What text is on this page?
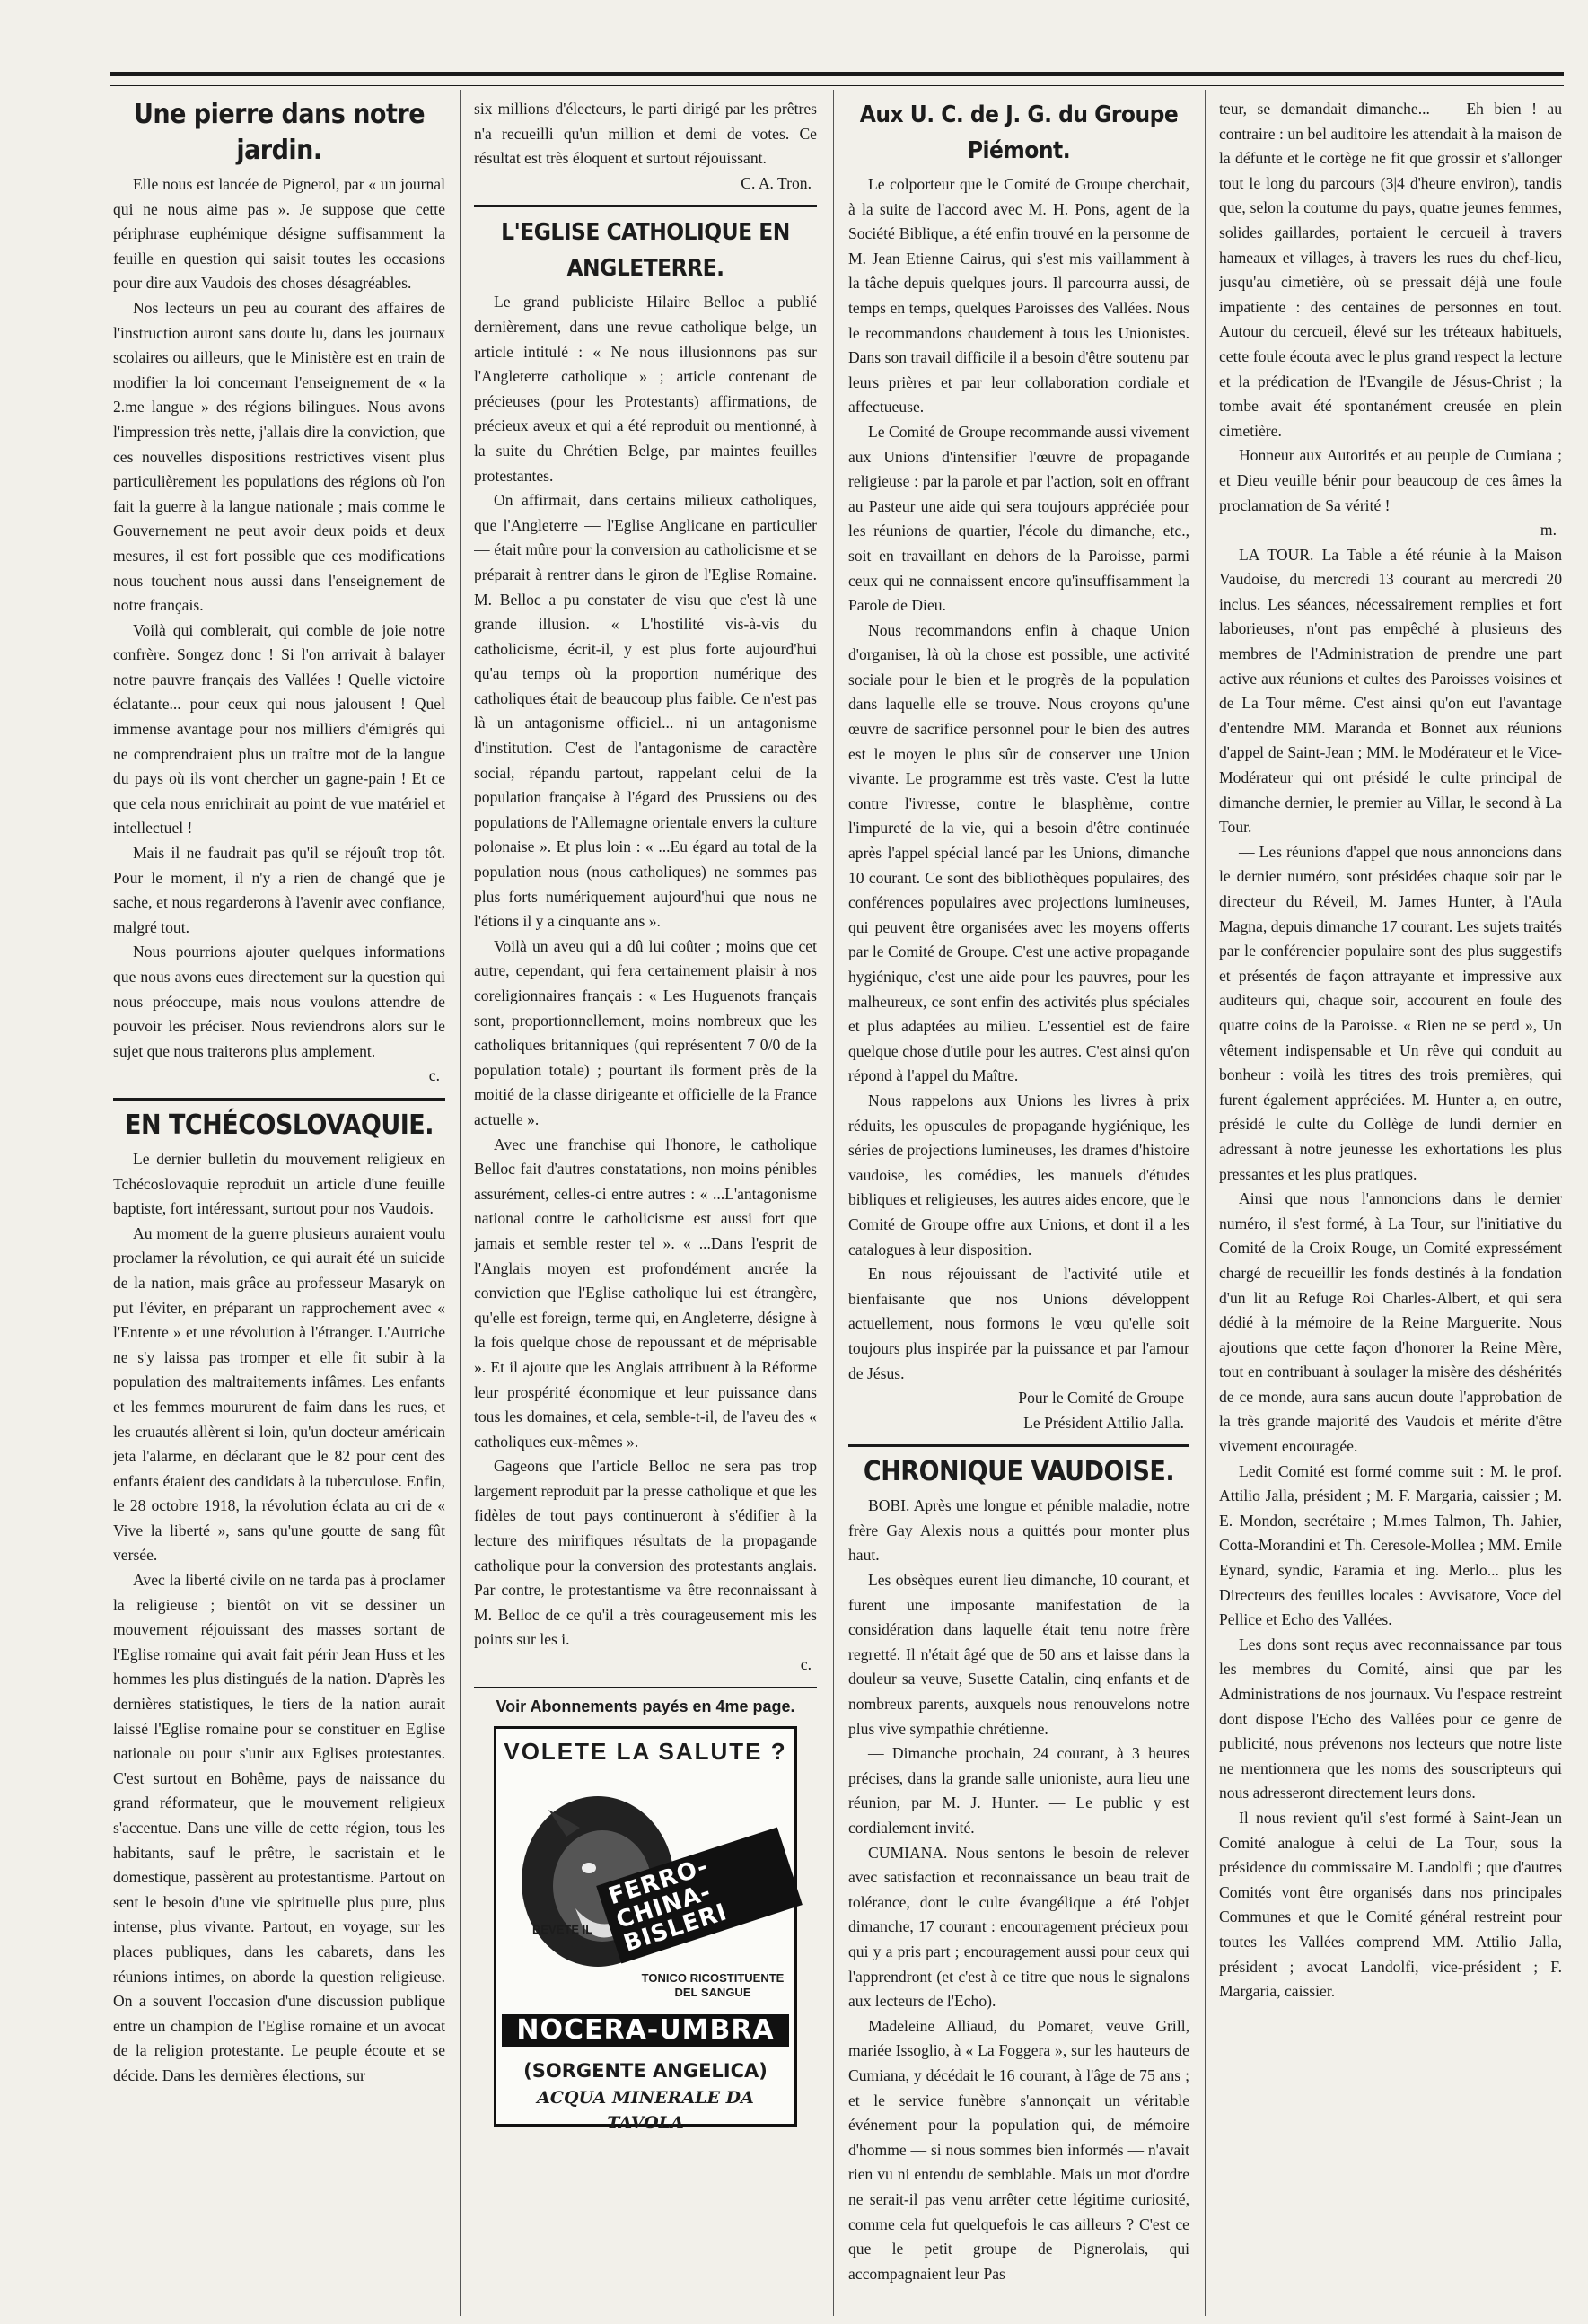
Une pierre dans notre jardin.

Elle nous est lancée de Pignerol, par « un journal qui ne nous aime pas ». Je suppose que cette périphrase euphémique désigne suffisamment la feuille en question qui saisit toutes les occasions pour dire aux Vaudois des choses désagréables.

Nos lecteurs un peu au courant des affaires de l'instruction auront sans doute lu, dans les journaux scolaires ou ailleurs, que le Ministère est en train de modifier la loi concernant l'enseignement de « la 2.me langue » des régions bilingues. Nous avons l'impression très nette, j'allais dire la conviction, que ces nouvelles dispositions restrictives visent plus particulièrement les populations des régions où l'on fait la guerre à la langue nationale ; mais comme le Gouvernement ne peut avoir deux poids et deux mesures, il est fort possible que ces modifications nous touchent nous aussi dans l'enseignement de notre français.

Voilà qui comblerait, qui comble de joie notre confrère. Songez donc ! Si l'on arrivait à balayer notre pauvre français des Vallées ! Quelle victoire éclatante... pour ceux qui nous jalousent ! Quel immense avantage pour nos milliers d'émigrés qui ne comprendraient plus un traître mot de la langue du pays où ils vont chercher un gagne-pain ! Et ce que cela nous enrichirait au point de vue matériel et intellectuel !

Mais il ne faudrait pas qu'il se réjouît trop tôt. Pour le moment, il n'y a rien de changé que je sache, et nous regarderons à l'avenir avec confiance, malgré tout.

Nous pourrions ajouter quelques informations que nous avons eues directement sur la question qui nous préoccupe, mais nous voulons attendre de pouvoir les préciser. Nous reviendrons alors sur le sujet que nous traiterons plus amplement.

c.
EN TCHÉCOSLOVAQUIE.

Le dernier bulletin du mouvement religieux en Tchécoslovaquie reproduit un article d'une feuille baptiste, fort intéressant, surtout pour nos Vaudois.

Au moment de la guerre plusieurs auraient voulu proclamer la révolution, ce qui aurait été un suicide de la nation, mais grâce au professeur Masaryk on put l'éviter, en préparant un rapprochement avec « l'Entente » et une révolution à l'étranger. L'Autriche ne s'y laissa pas tromper et elle fit subir à la population des maltraitements infâmes. Les enfants et les femmes moururent de faim dans les rues, et les cruautés allèrent si loin, qu'un docteur américain jeta l'alarme, en déclarant que le 82 pour cent des enfants étaient des candidats à la tuberculose. Enfin, le 28 octobre 1918, la révolution éclata au cri de « Vive la liberté », sans qu'une goutte de sang fût versée.

Avec la liberté civile on ne tarda pas à proclamer la religieuse ; bientôt on vit se dessiner un mouvement réjouissant des masses sortant de l'Eglise romaine qui avait fait périr Jean Huss et les hommes les plus distingués de la nation. D'après les dernières statistiques, le tiers de la nation aurait laissé l'Eglise romaine pour se constituer en Eglise nationale ou pour s'unir aux Eglises protestantes. C'est surtout en Bohême, pays de naissance du grand réformateur, que le mouvement religieux s'accentue. Dans une ville de cette région, tous les habitants, sauf le prêtre, le sacristain et le domestique, passèrent au protestantisme. Partout on sent le besoin d'une vie spirituelle plus pure, plus intense, plus vivante. Partout, en voyage, sur les places publiques, dans les cabarets, dans les réunions intimes, on aborde la question religieuse. On a souvent l'occasion d'une discussion publique entre un champion de l'Eglise romaine et un avocat de la religion protestante. Le peuple écoute et se décide. Dans les dernières élections, sur

six millions d'électeurs, le parti dirigé par les prêtres n'a recueilli qu'un million et demi de votes. Ce résultat est très éloquent et surtout réjouissant.

C. A. Tron.
L'EGLISE CATHOLIQUE EN ANGLETERRE.

Le grand publiciste Hilaire Belloc a publié dernièrement, dans une revue catholique belge, un article intitulé : « Ne nous illusionnons pas sur l'Angleterre catholique » ; article contenant de précieuses (pour les Protestants) affirmations, de précieux aveux et qui a été reproduit ou mentionné, à la suite du Chrétien Belge, par maintes feuilles protestantes.

On affirmait, dans certains milieux catholiques, que l'Angleterre — l'Eglise Anglicane en particulier — était mûre pour la conversion au catholicisme et se préparait à rentrer dans le giron de l'Eglise Romaine. M. Belloc a pu constater de visu que c'est là une grande illusion. « L'hostilité vis-à-vis du catholicisme, écrit-il, y est plus forte aujourd'hui qu'au temps où la proportion numérique des catholiques était de beaucoup plus faible. Ce n'est pas là un antagonisme officiel... ni un antagonisme d'institution. C'est de l'antagonisme de caractère social, répandu partout, rappelant celui de la population française à l'égard des Prussiens ou des populations de l'Allemagne orientale envers la culture polonaise ». Et plus loin : « ...Eu égard au total de la population nous (nous catholiques) ne sommes pas plus forts numériquement aujourd'hui que nous ne l'étions il y a cinquante ans ».

Voilà un aveu qui a dû lui coûter ; moins que cet autre, cependant, qui fera certainement plaisir à nos coreligionnaires français : « Les Huguenots français sont, proportionnellement, moins nombreux que les catholiques britanniques (qui représentent 7 0/0 de la population totale) ; pourtant ils forment près de la moitié de la classe dirigeante et officielle de la France actuelle ».

Avec une franchise qui l'honore, le catholique Belloc fait d'autres constatations, non moins pénibles assurément, celles-ci entre autres : « ...L'antagonisme national contre le catholicisme est aussi fort que jamais et semble rester tel ». « ...Dans l'esprit de l'Anglais moyen est profondément ancrée la conviction que l'Eglise catholique lui est étrangère, qu'elle est foreign, terme qui, en Angleterre, désigne à la fois quelque chose de repoussant et de méprisable ». Et il ajoute que les Anglais attribuent à la Réforme leur prospérité économique et leur puissance dans tous les domaines, et cela, semble-t-il, de l'aveu des « catholiques eux-mêmes ».

Gageons que l'article Belloc ne sera pas trop largement reproduit par la presse catholique et que les fidèles de tout pays continueront à s'édifier à la lecture des mirifiques résultats de la propagande catholique pour la conversion des protestants anglais. Par contre, le protestantisme va être reconnaissant à M. Belloc de ce qu'il a très courageusement mis les points sur les i.

c.
Voir Abonnements payés en 4me page.
VOLETE LA SALUTE ?
BEVETE IL
FERRO-CHINA-BISLERI
TONICO RICOSTITUENTE DEL SANGUE
NOCERA-UMBRA
(SORGENTE ANGELICA)
ACQUA MINERALE DA TAVOLA
Aux U. C. de J. G. du Groupe Piémont.

Le colporteur que le Comité de Groupe cherchait, à la suite de l'accord avec M. H. Pons, agent de la Société Biblique, a été enfin trouvé en la personne de M. Jean Etienne Cairus, qui s'est mis vaillamment à la tâche depuis quelques jours. Il parcourra aussi, de temps en temps, quelques Paroisses des Vallées. Nous le recommandons chaudement à tous les Unionistes. Dans son travail difficile il a besoin d'être soutenu par leurs prières et par leur collaboration cordiale et affectueuse.

Le Comité de Groupe recommande aussi vivement aux Unions d'intensifier l'œuvre de propagande religieuse : par la parole et par l'action, soit en offrant au Pasteur une aide qui sera toujours appréciée pour les réunions de quartier, l'école du dimanche, etc., soit en travaillant en dehors de la Paroisse, parmi ceux qui ne connaissent encore qu'insuffisamment la Parole de Dieu.

Nous recommandons enfin à chaque Union d'organiser, là où la chose est possible, une activité sociale pour le bien et le progrès de la population dans laquelle elle se trouve. Nous croyons qu'une œuvre de sacrifice personnel pour le bien des autres est le moyen le plus sûr de conserver une Union vivante. Le programme est très vaste. C'est la lutte contre l'ivresse, contre le blasphème, contre l'impureté de la vie, qui a besoin d'être continuée après l'appel spécial lancé par les Unions, dimanche 10 courant. Ce sont des bibliothèques populaires, des conférences populaires avec projections lumineuses, qui peuvent être organisées avec les moyens offerts par le Comité de Groupe. C'est une active propagande hygiénique, c'est une aide pour les pauvres, pour les malheureux, ce sont enfin des activités plus spéciales et plus adaptées au milieu. L'essentiel est de faire quelque chose d'utile pour les autres. C'est ainsi qu'on répond à l'appel du Maître.

Nous rappelons aux Unions les livres à prix réduits, les opuscules de propagande hygiénique, les séries de projections lumineuses, les drames d'histoire vaudoise, les comédies, les manuels d'études bibliques et religieuses, les autres aides encore, que le Comité de Groupe offre aux Unions, et dont il a les catalogues à leur disposition.

En nous réjouissant de l'activité utile et bienfaisante que nos Unions développent actuellement, nous formons le vœu qu'elle soit toujours plus inspirée par la puissance et par l'amour de Jésus.

Pour le Comité de Groupe
Le Président Attilio Jalla.
CHRONIQUE VAUDOISE.

BOBI. Après une longue et pénible maladie, notre frère Gay Alexis nous a quittés pour monter plus haut.

Les obsèques eurent lieu dimanche, 10 courant, et furent une imposante manifestation de la considération dans laquelle était tenu notre frère regretté. Il n'était âgé que de 50 ans et laisse dans la douleur sa veuve, Susette Catalin, cinq enfants et de nombreux parents, auxquels nous renouvelons notre plus vive sympathie chrétienne.

— Dimanche prochain, 24 courant, à 3 heures précises, dans la grande salle unioniste, aura lieu une réunion, par M. J. Hunter. — Le public y est cordialement invité.

CUMIANA. Nous sentons le besoin de relever avec satisfaction et reconnaissance un beau trait de tolérance, dont le culte évangélique a été l'objet dimanche, 17 courant : encouragement précieux pour qui y a pris part ; encouragement aussi pour ceux qui l'apprendront (et c'est à ce titre que nous le signalons aux lecteurs de l'Echo).

Madeleine Alliaud, du Pomaret, veuve Grill, mariée Issoglio, à « La Foggera », sur les hauteurs de Cumiana, y décédait le 16 courant, à l'âge de 75 ans ; et le service funèbre s'annonçait un véritable événement pour la population qui, de mémoire d'homme — si nous sommes bien informés — n'avait rien vu ni entendu de semblable. Mais un mot d'ordre ne serait-il pas venu arrêter cette légitime curiosité, comme cela fut quelquefois le cas ailleurs ? C'est ce que le petit groupe de Pignerolais, qui accompagnaient leur Pas

teur, se demandait dimanche... — Eh bien ! au contraire : un bel auditoire les attendait à la maison de la défunte et le cortège ne fit que grossir et s'allonger tout le long du parcours (3|4 d'heure environ), tandis que, selon la coutume du pays, quatre jeunes femmes, solides gaillardes, portaient le cercueil à travers hameaux et villages, à travers les rues du chef-lieu, jusqu'au cimetière, où se pressait déjà une foule impatiente : des centaines de personnes en tout. Autour du cercueil, élevé sur les tréteaux habituels, cette foule écouta avec le plus grand respect la lecture et la prédication de l'Evangile de Jésus-Christ ; la tombe avait été spontanément creusée en plein cimetière.

Honneur aux Autorités et au peuple de Cumiana ; et Dieu veuille bénir pour beaucoup de ces âmes la proclamation de Sa vérité !

m.

LA TOUR. La Table a été réunie à la Maison Vaudoise, du mercredi 13 courant au mercredi 20 inclus. Les séances, nécessairement remplies et fort laborieuses, n'ont pas empêché à plusieurs des membres de l'Administration de prendre une part active aux réunions et cultes des Paroisses voisines et de La Tour même. C'est ainsi qu'on eut l'avantage d'entendre MM. Maranda et Bonnet aux réunions d'appel de Saint-Jean ; MM. le Modérateur et le Vice-Modérateur qui ont présidé le culte principal de dimanche dernier, le premier au Villar, le second à La Tour.

— Les réunions d'appel que nous annoncions dans le dernier numéro, sont présidées chaque soir par le directeur du Réveil, M. James Hunter, à l'Aula Magna, depuis dimanche 17 courant. Les sujets traités par le conférencier populaire sont des plus suggestifs et présentés de façon attrayante et impressive aux auditeurs qui, chaque soir, accourent en foule des quatre coins de la Paroisse. « Rien ne se perd », Un vêtement indispensable et Un rêve qui conduit au bonheur : voilà les titres des trois premières, qui furent également appréciées. M. Hunter a, en outre, présidé le culte du Collège de lundi dernier en adressant à notre jeunesse les exhortations les plus pressantes et les plus pratiques.

Ainsi que nous l'annoncions dans le dernier numéro, il s'est formé, à La Tour, sur l'initiative du Comité de la Croix Rouge, un Comité expressément chargé de recueillir les fonds destinés à la fondation d'un lit au Refuge Roi Charles-Albert, et qui sera dédié à la mémoire de la Reine Marguerite. Nous ajoutions que cette façon d'honorer la Reine Mère, tout en contribuant à soulager la misère des déshérités de ce monde, aura sans aucun doute l'approbation de la très grande majorité des Vaudois et mérite d'être vivement encouragée.

Ledit Comité est formé comme suit : M. le prof. Attilio Jalla, président ; M. F. Margaria, caissier ; M. E. Mondon, secrétaire ; M.mes Talmon, Th. Jahier, Cotta-Morandini et Th. Ceresole-Mollea ; MM. Emile Eynard, syndic, Faramia et ing. Merlo... plus les Directeurs des feuilles locales : Avvisatore, Voce del Pellice et Echo des Vallées.

Les dons sont reçus avec reconnaissance par tous les membres du Comité, ainsi que par les Administrations de nos journaux. Vu l'espace restreint dont dispose l'Echo des Vallées pour ce genre de publicité, nous prévenons nos lecteurs que notre liste ne mentionnera que les noms des souscripteurs qui nous adresseront directement leurs dons.

Il nous revient qu'il s'est formé à Saint-Jean un Comité analogue à celui de La Tour, sous la présidence du commissaire M. Landolfi ; que d'autres Comités vont être organisés dans nos principales Communes et que le Comité général restreint pour toutes les Vallées comprend MM. Attilio Jalla, président ; avocat Landolfi, vice-président ; F. Margaria, caissier.
